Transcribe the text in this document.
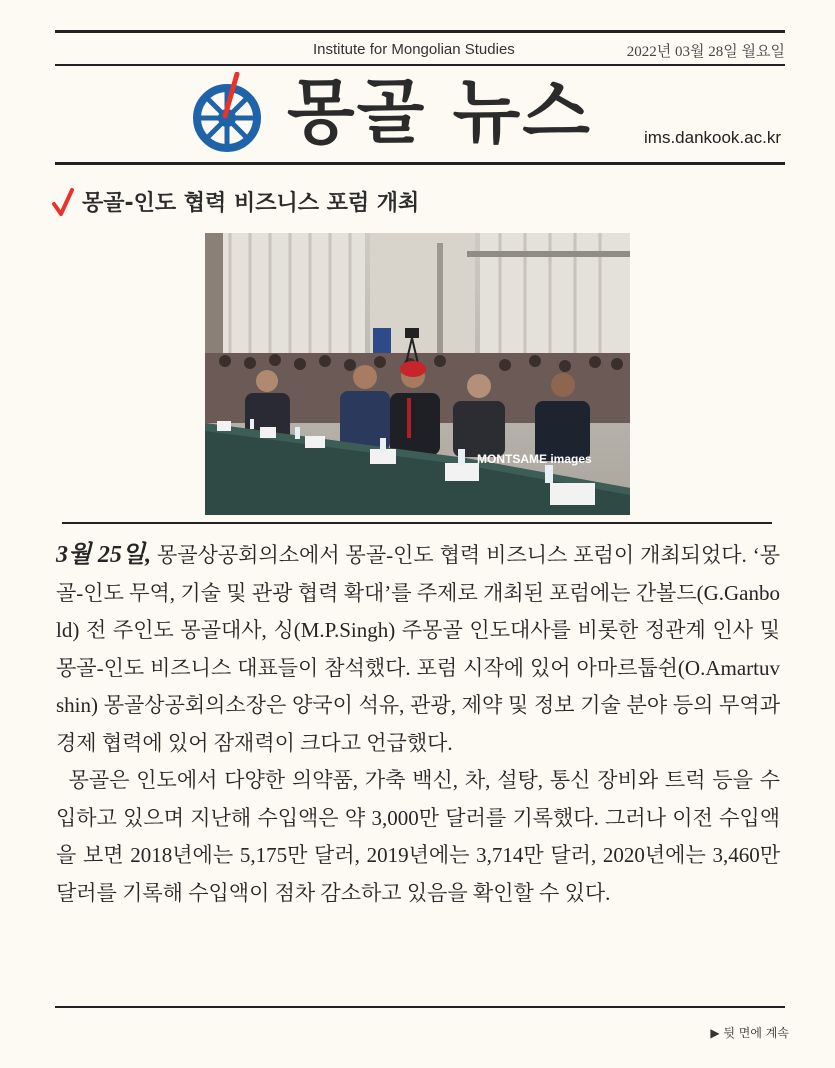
Institute for Mongolian Studies	2022년 03월 28일 월요일
몽골 뉴스	ims.dankook.ac.kr
몽골-인도 협력 비즈니스 포럼 개최
MONTSAME images

3월 25일, 몽골상공회의소에서 몽골-인도 협력 비즈니스 포럼이 개최되었다. ‘몽골-인도 무역, 기술 및 관광 협력 확대’를 주제로 개최된 포럼에는 간볼드(G.Ganbold) 전 주인도 몽골대사, 싱(M.P.Singh) 주몽골 인도대사를 비롯한 정관계 인사 및 몽골-인도 비즈니스 대표들이 참석했다. 포럼 시작에 있어 아마르툽쉰(O.Amartuvshin) 몽골상공회의소장은 양국이 석유, 관광, 제약 및 정보 기술 분야 등의 무역과 경제 협력에 있어 잠재력이 크다고 언급했다.

몽골은 인도에서 다양한 의약품, 가축 백신, 차, 설탕, 통신 장비와 트럭 등을 수입하고 있으며 지난해 수입액은 약 3,000만 달러를 기록했다. 그러나 이전 수입액을 보면 2018년에는 5,175만 달러, 2019년에는 3,714만 달러, 2020년에는 3,460만 달러를 기록해 수입액이 점차 감소하고 있음을 확인할 수 있다.

▶ 뒷 면에 계속
